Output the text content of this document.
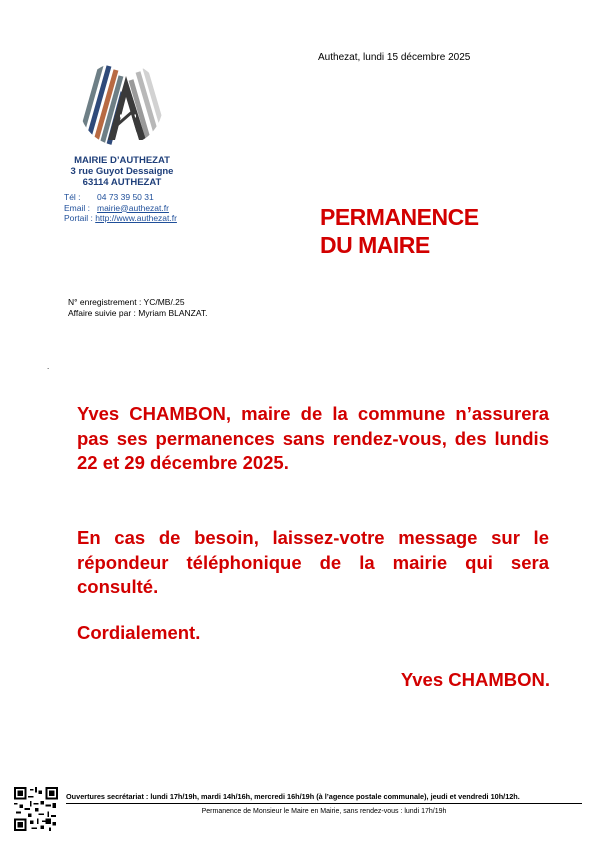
Authezat, lundi 15 décembre 2025
MAIRIE D’AUTHEZAT
3 rue Guyot Dessaigne
63114 AUTHEZAT
Tél : 04 73 39 50 31
Email : mairie@authezat.fr
Portail : http://www.authezat.fr	PERMANENCE
DU MAIRE
N° enregistrement : YC/MB/.25
Affaire suivie par : Myriam BLANZAT.
.
Yves CHAMBON, maire de la commune n’assurera pas ses permanences sans rendez-vous, des lundis 22 et 29 décembre 2025.
En cas de besoin, laissez-votre message sur le répondeur téléphonique de la mairie qui sera consulté.
Cordialement.
Yves CHAMBON.
Ouvertures secrétariat : lundi 17h/19h, mardi 14h/16h, mercredi 16h/19h (à l’agence postale communale), jeudi et vendredi 10h/12h.
Permanence de Monsieur le Maire en Mairie, sans rendez-vous : lundi 17h/19h
